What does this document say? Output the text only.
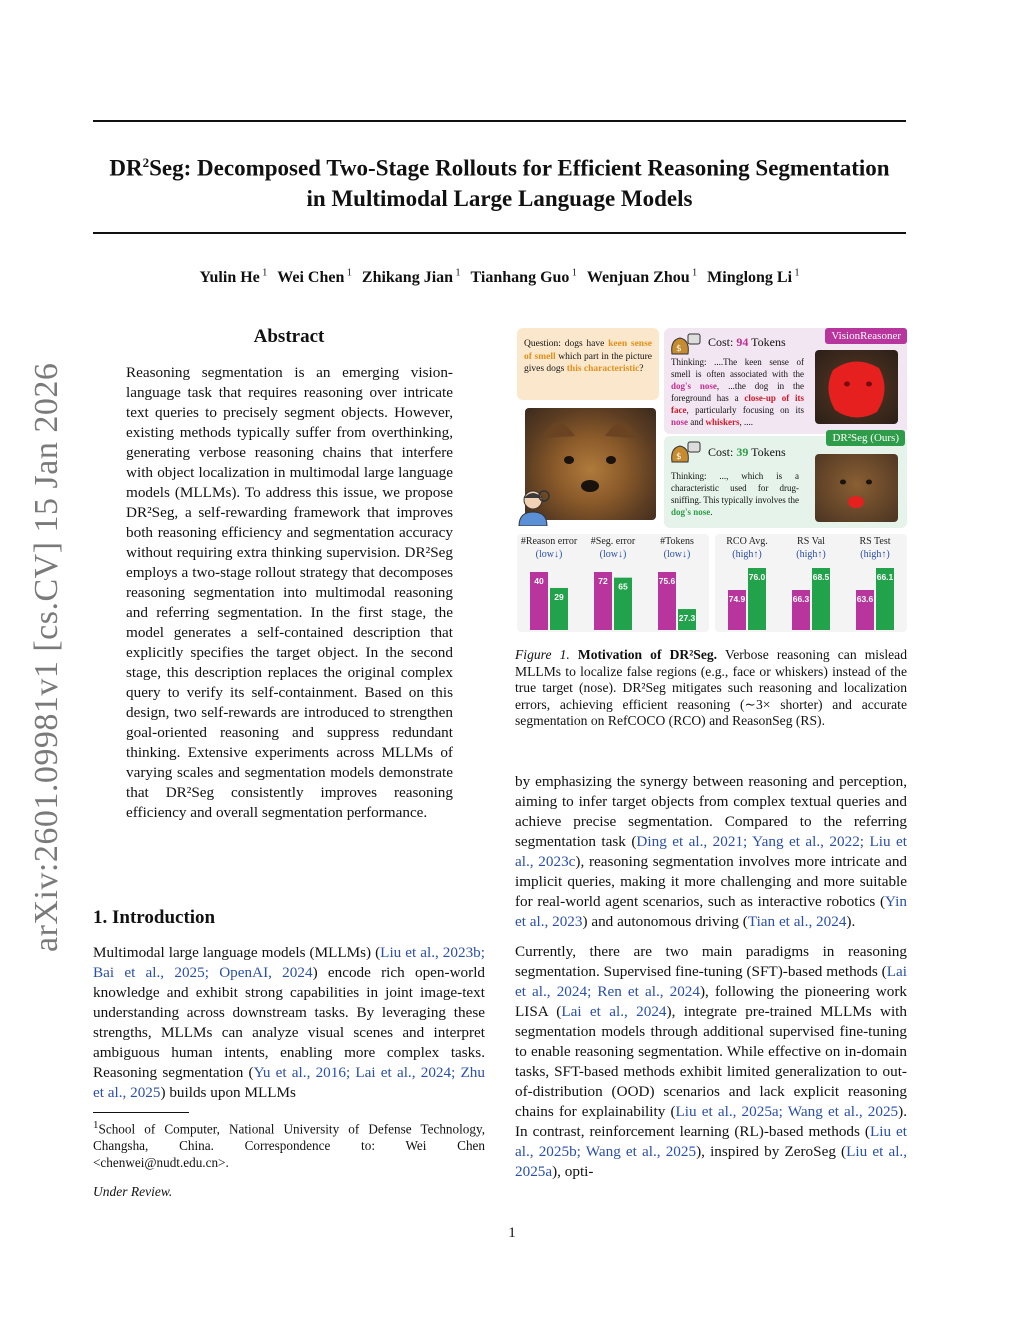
arXiv:2601.09981v1 [cs.CV] 15 Jan 2026
$DR^2Seg$: Decomposed Two-Stage Rollouts for Efficient Reasoning Segmentation
in Multimodal Large Language Models
Yulin He $^1$ Wei Chen $^1$ Zhikang Jian $^1$ Tianhang Guo $^1$ Wenjuan Zhou $^1$ Minglong Li $^1$
Abstract

Reasoning segmentation is an emerging vision-language task that requires reasoning over intricate text queries to precisely segment objects. However, existing methods typically suffer from overthinking, generating verbose reasoning chains that interfere with object localization in multimodal large language models (MLLMs). To address this issue, we propose DR²Seg, a self-rewarding framework that improves both reasoning efficiency and segmentation accuracy without requiring extra thinking supervision. DR²Seg employs a two-stage rollout strategy that decomposes reasoning segmentation into multimodal reasoning and referring segmentation. In the first stage, the model generates a self-contained description that explicitly specifies the target object. In the second stage, this description replaces the original complex query to verify its self-containment. Based on this design, two self-rewards are introduced to strengthen goal-oriented reasoning and suppress redundant thinking. Extensive experiments across MLLMs of varying scales and segmentation models demonstrate that DR²Seg consistently improves reasoning efficiency and overall segmentation performance.

1. Introduction

Multimodal large language models (MLLMs) (Liu et al., 2023b; Bai et al., 2025; OpenAI, 2024) encode rich open-world knowledge and exhibit strong capabilities in joint image-text understanding across downstream tasks. By leveraging these strengths, MLLMs can analyze visual scenes and interpret ambiguous human intents, enabling more complex tasks. Reasoning segmentation (Yu et al., 2016; Lai et al., 2024; Zhu et al., 2025) builds upon MLLMs

$^1$School of Computer, National University of Defense Technology, Changsha, China. Correspondence to: Wei Chen <chenwei@nudt.edu.cn>.
Under Review.
Question: dogs have keen sense of smell which part in the picture gives dogs this characteristic?
$ Cost: 94 Tokens	VisionReasoner
Thinking: ....The keen sense of smell is often associated with the dog's nose, ...the dog in the foreground has a close-up of its face, particularly focusing on its nose and whiskers, ....
$ Cost: 39 Tokens
DR²Seg (Ours)
Thinking: ..., which is a characteristic used for drug-sniffing. This typically involves the dog's nose.
#Reason error
(low↓)
40
29
#Seg. error
(low↓)
72
65
#Tokens
(low↓)
75.6
27.3
RCO Avg.
(high↑)
74.9
76.0
RS Val
(high↑)
66.3
68.5
RS Test
(high↑)
63.6
66.1
Figure 1. Motivation of DR²Seg. Verbose reasoning can mislead MLLMs to localize false regions (e.g., face or whiskers) instead of the true target (nose). DR²Seg mitigates such reasoning and localization errors, achieving efficient reasoning (∼3× shorter) and accurate segmentation on RefCOCO (RCO) and ReasonSeg (RS).

by emphasizing the synergy between reasoning and perception, aiming to infer target objects from complex textual queries and achieve precise segmentation. Compared to the referring segmentation task (Ding et al., 2021; Yang et al., 2022; Liu et al., 2023c), reasoning segmentation involves more intricate and implicit queries, making it more challenging and more suitable for real-world agent scenarios, such as interactive robotics (Yin et al., 2023) and autonomous driving (Tian et al., 2024).

Currently, there are two main paradigms in reasoning segmentation. Supervised fine-tuning (SFT)-based methods (Lai et al., 2024; Ren et al., 2024), following the pioneering work LISA (Lai et al., 2024), integrate pre-trained MLLMs with segmentation models through additional supervised fine-tuning to enable reasoning segmentation. While effective on in-domain tasks, SFT-based methods exhibit limited generalization to out-of-distribution (OOD) scenarios and lack explicit reasoning chains for explainability (Liu et al., 2025a; Wang et al., 2025). In contrast, reinforcement learning (RL)-based methods (Liu et al., 2025b; Wang et al., 2025), inspired by ZeroSeg (Liu et al., 2025a), opti-

1
